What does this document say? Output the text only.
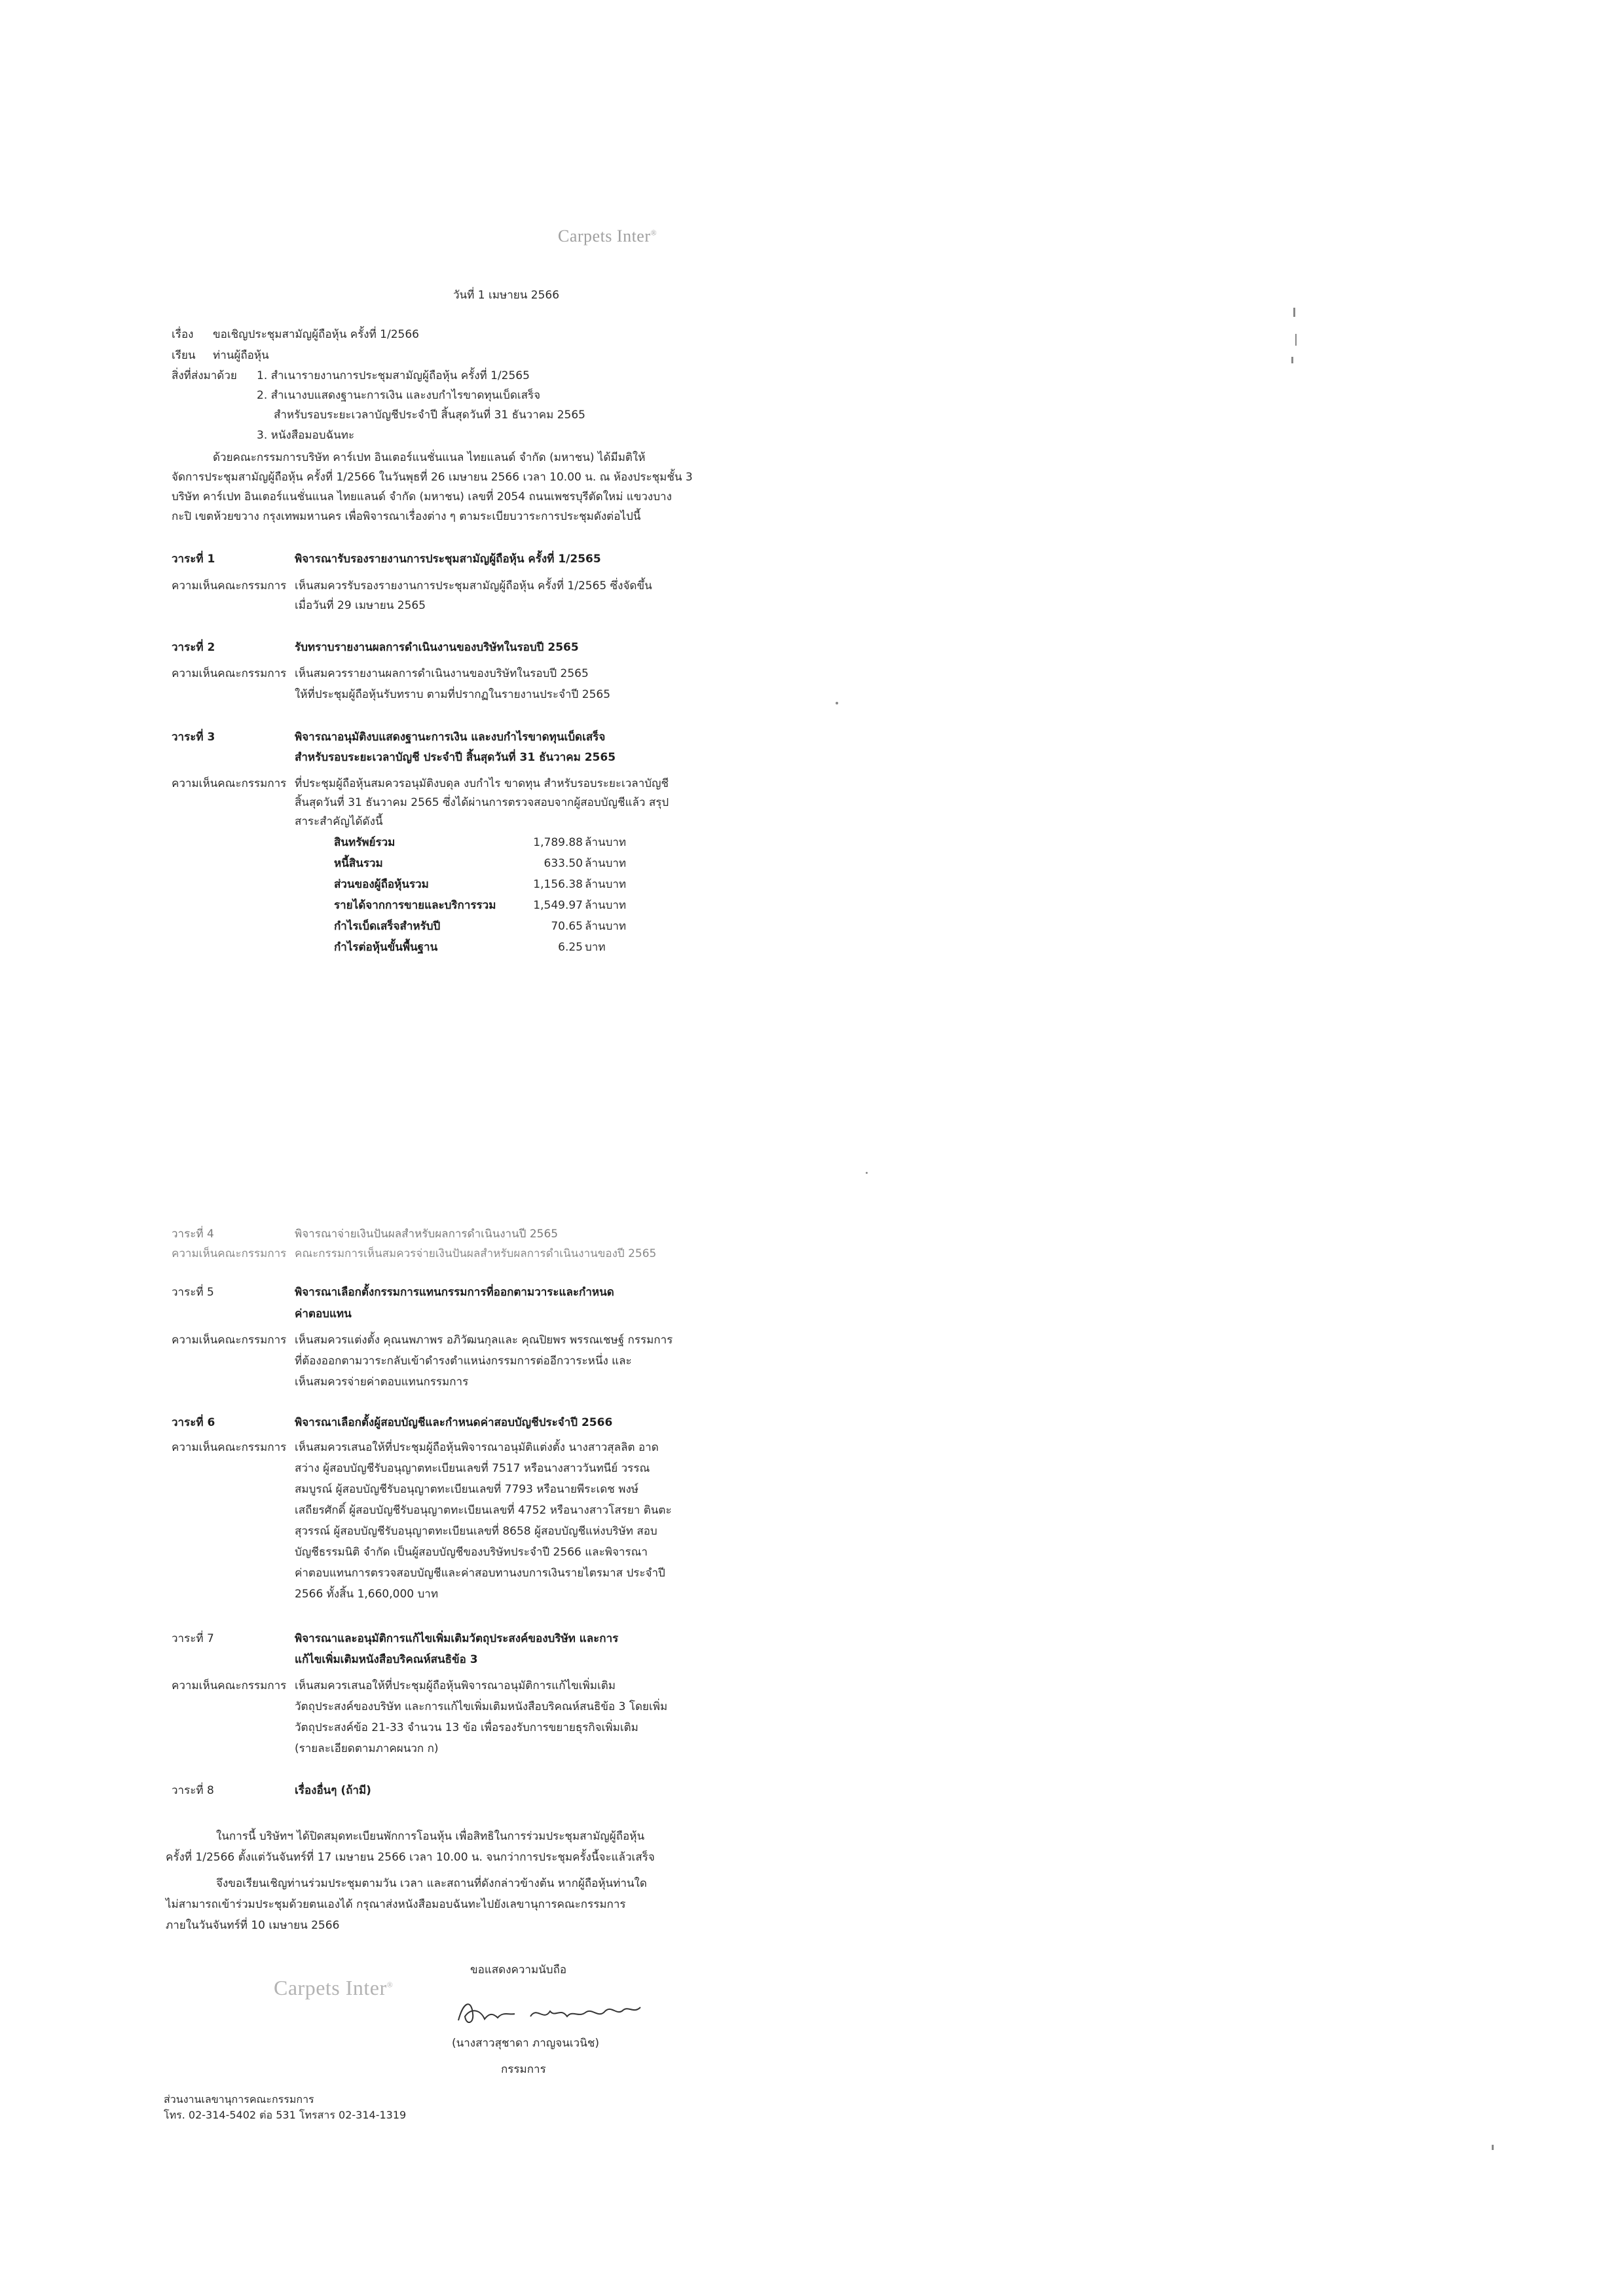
Carpets Inter®
วันที่ 1 เมษายน 2566
เรื่อง ขอเชิญประชุมสามัญผู้ถือหุ้น ครั้งที่ 1/2566
เรียน ท่านผู้ถือหุ้น
สิ่งที่ส่งมาด้วย 1. สำเนารายงานการประชุมสามัญผู้ถือหุ้น ครั้งที่ 1/2565
2. สำเนางบแสดงฐานะการเงิน และงบกำไรขาดทุนเบ็ดเสร็จ
สำหรับรอบระยะเวลาบัญชีประจำปี สิ้นสุดวันที่ 31 ธันวาคม 2565
3. หนังสือมอบฉันทะ
ด้วยคณะกรรมการบริษัท คาร์เปท อินเตอร์แนชั่นแนล ไทยแลนด์ จำกัด (มหาชน) ได้มีมติให้
จัดการประชุมสามัญผู้ถือหุ้น ครั้งที่ 1/2566 ในวันพุธที่ 26 เมษายน 2566 เวลา 10.00 น. ณ ห้องประชุมชั้น 3
บริษัท คาร์เปท อินเตอร์แนชั่นแนล ไทยแลนด์ จำกัด (มหาชน) เลขที่ 2054 ถนนเพชรบุรีตัดใหม่ แขวงบาง
กะปิ เขตห้วยขวาง กรุงเทพมหานคร เพื่อพิจารณาเรื่องต่าง ๆ ตามระเบียบวาระการประชุมดังต่อไปนี้
วาระที่ 1	พิจารณารับรองรายงานการประชุมสามัญผู้ถือหุ้น ครั้งที่ 1/2565
ความเห็นคณะกรรมการ เห็นสมควรรับรองรายงานการประชุมสามัญผู้ถือหุ้น ครั้งที่ 1/2565 ซึ่งจัดขึ้น
เมื่อวันที่ 29 เมษายน 2565
วาระที่ 2	รับทราบรายงานผลการดำเนินงานของบริษัทในรอบปี 2565
ความเห็นคณะกรรมการ เห็นสมควรรายงานผลการดำเนินงานของบริษัทในรอบปี 2565
ให้ที่ประชุมผู้ถือหุ้นรับทราบ ตามที่ปรากฏในรายงานประจำปี 2565
วาระที่ 3	พิจารณาอนุมัติงบแสดงฐานะการเงิน และงบกำไรขาดทุนเบ็ดเสร็จ
สำหรับรอบระยะเวลาบัญชี ประจำปี สิ้นสุดวันที่ 31 ธันวาคม 2565
ความเห็นคณะกรรมการ ที่ประชุมผู้ถือหุ้นสมควรอนุมัติงบดุล งบกำไร ขาดทุน สำหรับรอบระยะเวลาบัญชี
สิ้นสุดวันที่ 31 ธันวาคม 2565 ซึ่งได้ผ่านการตรวจสอบจากผู้สอบบัญชีแล้ว สรุป
สาระสำคัญได้ดังนี้
สินทรัพย์รวม	1,789.88 ล้านบาท
หนี้สินรวม	633.50 ล้านบาท
ส่วนของผู้ถือหุ้นรวม	1,156.38 ล้านบาท
รายได้จากการขายและบริการรวม	1,549.97 ล้านบาท
กำไรเบ็ดเสร็จสำหรับปี	70.65 ล้านบาท
กำไรต่อหุ้นขั้นพื้นฐาน	6.25 บาท
วาระที่ 4	พิจารณาจ่ายเงินปันผลสำหรับผลการดำเนินงานปี 2565
ความเห็นคณะกรรมการ คณะกรรมการเห็นสมควรจ่ายเงินปันผลสำหรับผลการดำเนินงานของปี 2565
วาระที่ 5	พิจารณาเลือกตั้งกรรมการแทนกรรมการที่ออกตามวาระและกำหนด
ค่าตอบแทน
ความเห็นคณะกรรมการ เห็นสมควรแต่งตั้ง คุณนพภาพร อภิวัฒนกุลและ คุณปิยพร พรรณเชษฐ์ กรรมการ
ที่ต้องออกตามวาระกลับเข้าดำรงตำแหน่งกรรมการต่ออีกวาระหนึ่ง และ
เห็นสมควรจ่ายค่าตอบแทนกรรมการ
วาระที่ 6	พิจารณาเลือกตั้งผู้สอบบัญชีและกำหนดค่าสอบบัญชีประจำปี 2566
ความเห็นคณะกรรมการ เห็นสมควรเสนอให้ที่ประชุมผู้ถือหุ้นพิจารณาอนุมัติแต่งตั้ง นางสาวสุลลิต อาด
สว่าง ผู้สอบบัญชีรับอนุญาตทะเบียนเลขที่ 7517 หรือนางสาววันทนีย์ วรรณ
สมบูรณ์ ผู้สอบบัญชีรับอนุญาตทะเบียนเลขที่ 7793 หรือนายพีระเดช พงษ์
เสถียรศักดิ์ ผู้สอบบัญชีรับอนุญาตทะเบียนเลขที่ 4752 หรือนางสาวโสรยา ตินตะ
สุวรรณ์ ผู้สอบบัญชีรับอนุญาตทะเบียนเลขที่ 8658 ผู้สอบบัญชีแห่งบริษัท สอบ
บัญชีธรรมนิติ จำกัด เป็นผู้สอบบัญชีของบริษัทประจำปี 2566 และพิจารณา
ค่าตอบแทนการตรวจสอบบัญชีและค่าสอบทานงบการเงินรายไตรมาส ประจำปี
2566 ทั้งสิ้น 1,660,000 บาท
วาระที่ 7	พิจารณาและอนุมัติการแก้ไขเพิ่มเติมวัตถุประสงค์ของบริษัท และการ
แก้ไขเพิ่มเติมหนังสือบริคณห์สนธิข้อ 3
ความเห็นคณะกรรมการ เห็นสมควรเสนอให้ที่ประชุมผู้ถือหุ้นพิจารณาอนุมัติการแก้ไขเพิ่มเติม
วัตถุประสงค์ของบริษัท และการแก้ไขเพิ่มเติมหนังสือบริคณห์สนธิข้อ 3 โดยเพิ่ม
วัตถุประสงค์ข้อ 21-33 จำนวน 13 ข้อ เพื่อรองรับการขยายธุรกิจเพิ่มเติม
(รายละเอียดตามภาคผนวก ก)
วาระที่ 8	เรื่องอื่นๆ (ถ้ามี)
ในการนี้ บริษัทฯ ได้ปิดสมุดทะเบียนพักการโอนหุ้น เพื่อสิทธิในการร่วมประชุมสามัญผู้ถือหุ้น
ครั้งที่ 1/2566 ตั้งแต่วันจันทร์ที่ 17 เมษายน 2566 เวลา 10.00 น. จนกว่าการประชุมครั้งนี้จะแล้วเสร็จ
จึงขอเรียนเชิญท่านร่วมประชุมตามวัน เวลา และสถานที่ดังกล่าวข้างต้น หากผู้ถือหุ้นท่านใด
ไม่สามารถเข้าร่วมประชุมด้วยตนเองได้ กรุณาส่งหนังสือมอบฉันทะไปยังเลขานุการคณะกรรมการ
ภายในวันจันทร์ที่ 10 เมษายน 2566
ขอแสดงความนับถือ
Carpets Inter®
(นางสาวสุชาดา ภาญจนเวนิช)
กรรมการ
ส่วนงานเลขานุการคณะกรรมการ
โทร. 02-314-5402 ต่อ 531 โทรสาร 02-314-1319
